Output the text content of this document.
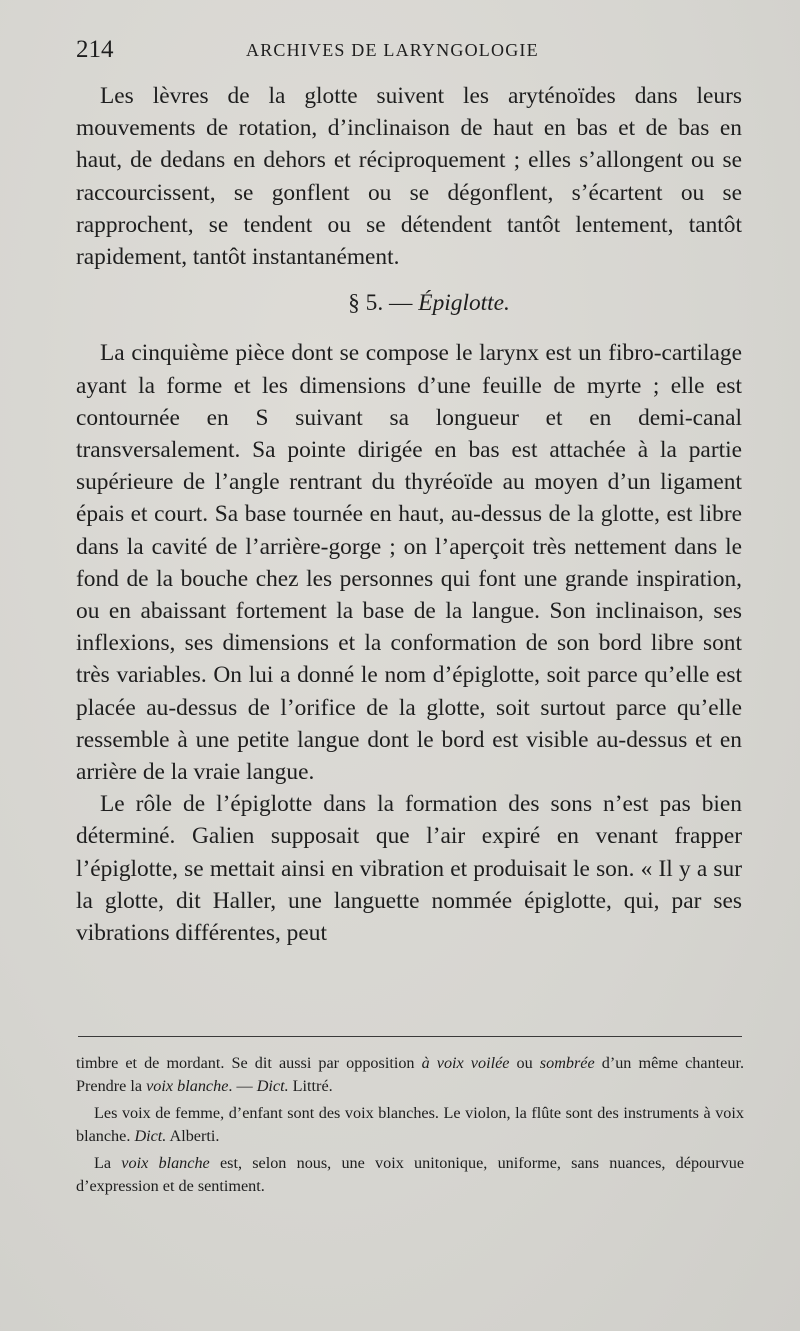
214	ARCHIVES DE LARYNGOLOGIE

Les lèvres de la glotte suivent les aryténoïdes dans leurs mouvements de rotation, d’inclinaison de haut en bas et de bas en haut, de dedans en dehors et réciproquement ; elles s’allongent ou se raccourcissent, se gonflent ou se dégonflent, s’écartent ou se rapprochent, se tendent ou se détendent tantôt lentement, tantôt rapidement, tantôt instantanément.

§ 5. — Épiglotte.

La cinquième pièce dont se compose le larynx est un fibro-cartilage ayant la forme et les dimensions d’une feuille de myrte ; elle est contournée en S suivant sa longueur et en demi-canal transversalement. Sa pointe dirigée en bas est attachée à la partie supérieure de l’angle rentrant du thyréoïde au moyen d’un ligament épais et court. Sa base tournée en haut, au-dessus de la glotte, est libre dans la cavité de l’arrière-gorge ; on l’aperçoit très nettement dans le fond de la bouche chez les personnes qui font une grande inspiration, ou en abaissant fortement la base de la langue. Son inclinaison, ses inflexions, ses dimensions et la conformation de son bord libre sont très variables. On lui a donné le nom d’épiglotte, soit parce qu’elle est placée au-dessus de l’orifice de la glotte, soit surtout parce qu’elle ressemble à une petite langue dont le bord est visible au-dessus et en arrière de la vraie langue.

Le rôle de l’épiglotte dans la formation des sons n’est pas bien déterminé. Galien supposait que l’air expiré en venant frapper l’épiglotte, se mettait ainsi en vibration et produisait le son. « Il y a sur la glotte, dit Haller, une languette nommée épiglotte, qui, par ses vibrations différentes, peut

timbre et de mordant. Se dit aussi par opposition à voix voilée ou sombrée d’un même chanteur. Prendre la voix blanche. — Dict. Littré.

Les voix de femme, d’enfant sont des voix blanches. Le violon, la flûte sont des instruments à voix blanche. Dict. Alberti.

La voix blanche est, selon nous, une voix unitonique, uniforme, sans nuances, dépourvue d’expression et de sentiment.
